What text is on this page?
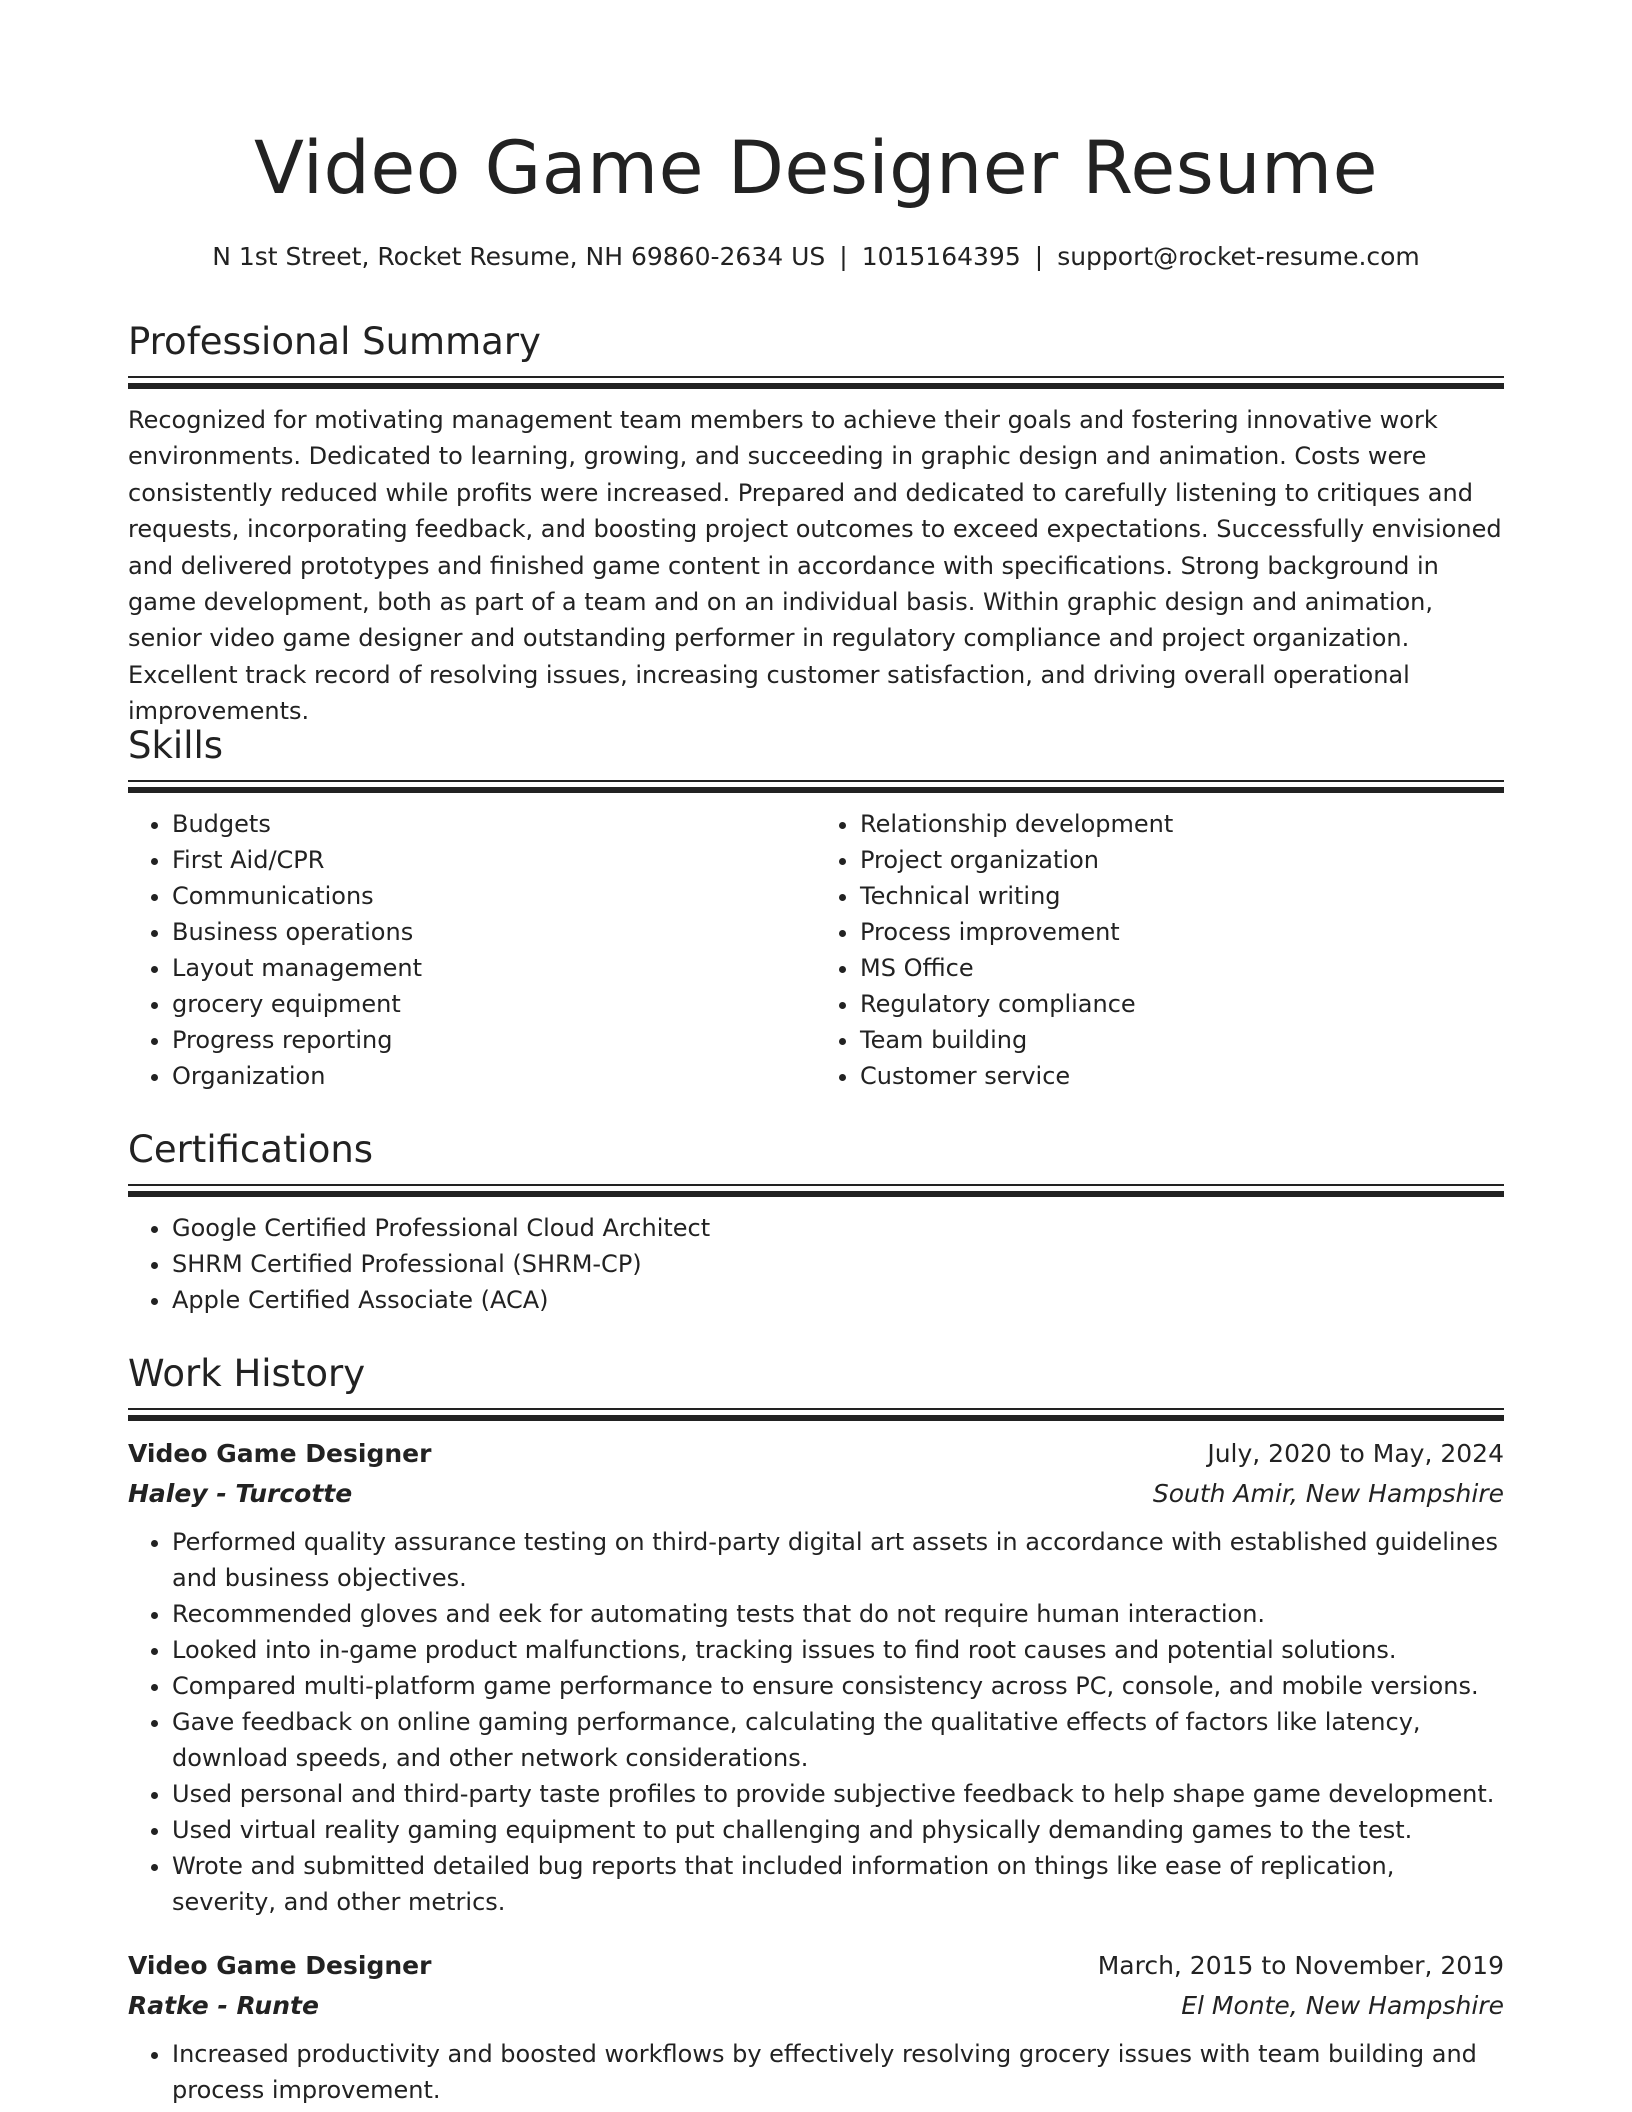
Video Game Designer Resume
N 1st Street, Rocket Resume, NH 69860-2634 US | 1015164395 | support@rocket-resume.com
Professional Summary

Recognized for motivating management team members to achieve their goals and fostering innovative work environments. Dedicated to learning, growing, and succeeding in graphic design and animation. Costs were consistently reduced while profits were increased. Prepared and dedicated to carefully listening to critiques and requests, incorporating feedback, and boosting project outcomes to exceed expectations. Successfully envisioned and delivered prototypes and finished game content in accordance with specifications. Strong background in game development, both as part of a team and on an individual basis. Within graphic design and animation, senior video game designer and outstanding performer in regulatory compliance and project organization. Excellent track record of resolving issues, increasing customer satisfaction, and driving overall operational improvements.

Skills
• Budgets
• First Aid/CPR
• Communications
• Business operations
• Layout management
• grocery equipment
• Progress reporting
• Organization
• Relationship development
• Project organization
• Technical writing
• Process improvement
• MS Office
• Regulatory compliance
• Team building
• Customer service
Certifications
• Google Certified Professional Cloud Architect
• SHRM Certified Professional (SHRM-CP)
• Apple Certified Associate (ACA)
Work History
Video Game Designer	July, 2020 to May, 2024
Haley - Turcotte	South Amir, New Hampshire
• Performed quality assurance testing on third-party digital art assets in accordance with established guidelines and business objectives.
• Recommended gloves and eek for automating tests that do not require human interaction.
• Looked into in-game product malfunctions, tracking issues to find root causes and potential solutions.
• Compared multi-platform game performance to ensure consistency across PC, console, and mobile versions.
• Gave feedback on online gaming performance, calculating the qualitative effects of factors like latency, download speeds, and other network considerations.
• Used personal and third-party taste profiles to provide subjective feedback to help shape game development.
• Used virtual reality gaming equipment to put challenging and physically demanding games to the test.
• Wrote and submitted detailed bug reports that included information on things like ease of replication, severity, and other metrics.
Video Game Designer	March, 2015 to November, 2019
Ratke - Runte	El Monte, New Hampshire
• Increased productivity and boosted workflows by effectively resolving grocery issues with team building and process improvement.
